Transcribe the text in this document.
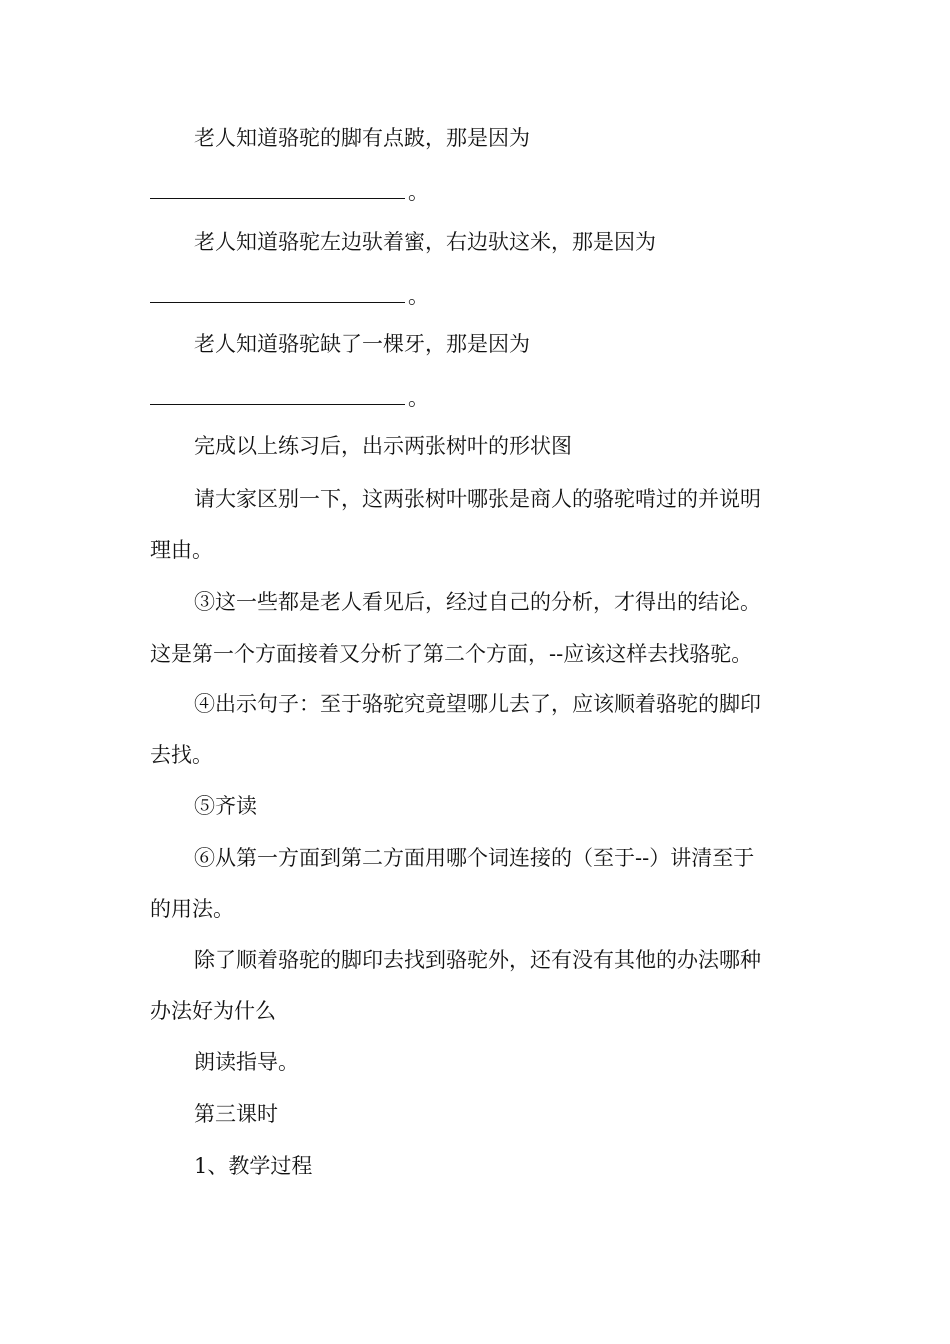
老人知道骆驼的脚有点跛，那是因为
。
老人知道骆驼左边驮着蜜，右边驮这米，那是因为
。
老人知道骆驼缺了一棵牙，那是因为
。
完成以上练习后，出示两张树叶的形状图
请大家区别一下，这两张树叶哪张是商人的骆驼啃过的并说明
理由。
③这一些都是老人看见后，经过自己的分析，才得出的结论。
这是第一个方面接着又分析了第二个方面，--应该这样去找骆驼。
④出示句子：至于骆驼究竟望哪儿去了，应该顺着骆驼的脚印
去找。
⑤齐读
⑥从第一方面到第二方面用哪个词连接的（至于--）讲清至于
的用法。
除了顺着骆驼的脚印去找到骆驼外，还有没有其他的办法哪种
办法好为什么
朗读指导。
第三课时
1、教学过程
